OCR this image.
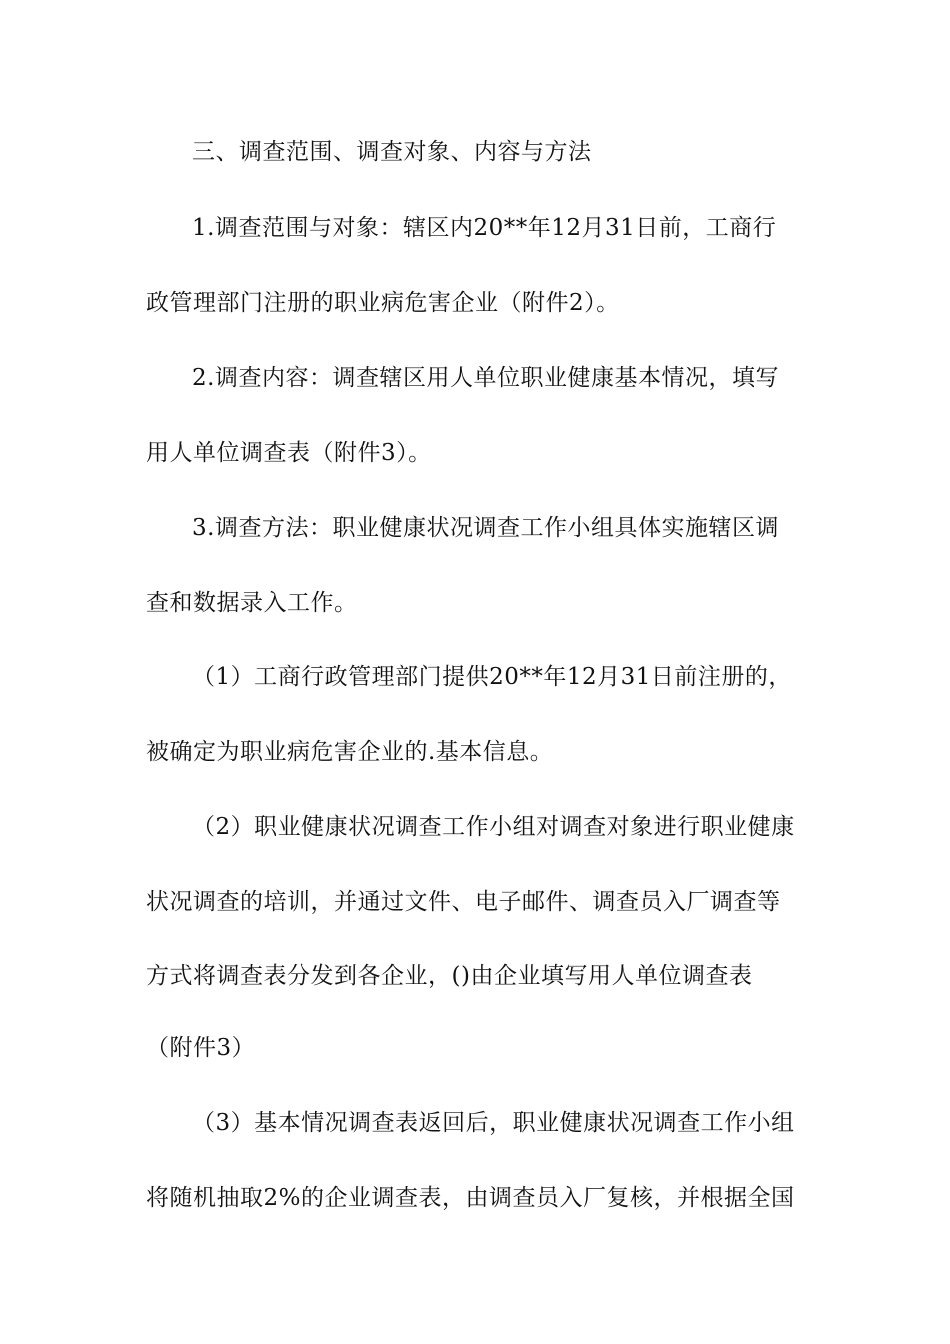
三、调查范围、调查对象、内容与方法
1.调查范围与对象：辖区内20**年12月31日前，工商行
政管理部门注册的职业病危害企业（附件2）。
2.调查内容：调查辖区用人单位职业健康基本情况，填写
用人单位调查表（附件3）。
3.调查方法：职业健康状况调查工作小组具体实施辖区调
查和数据录入工作。
（1）工商行政管理部门提供20**年12月31日前注册的，
被确定为职业病危害企业的.基本信息。
（2）职业健康状况调查工作小组对调查对象进行职业健康
状况调查的培训，并通过文件、电子邮件、调查员入厂调查等
方式将调查表分发到各企业，()由企业填写用人单位调查表
（附件3）
（3）基本情况调查表返回后，职业健康状况调查工作小组
将随机抽取2%的企业调查表，由调查员入厂复核，并根据全国
